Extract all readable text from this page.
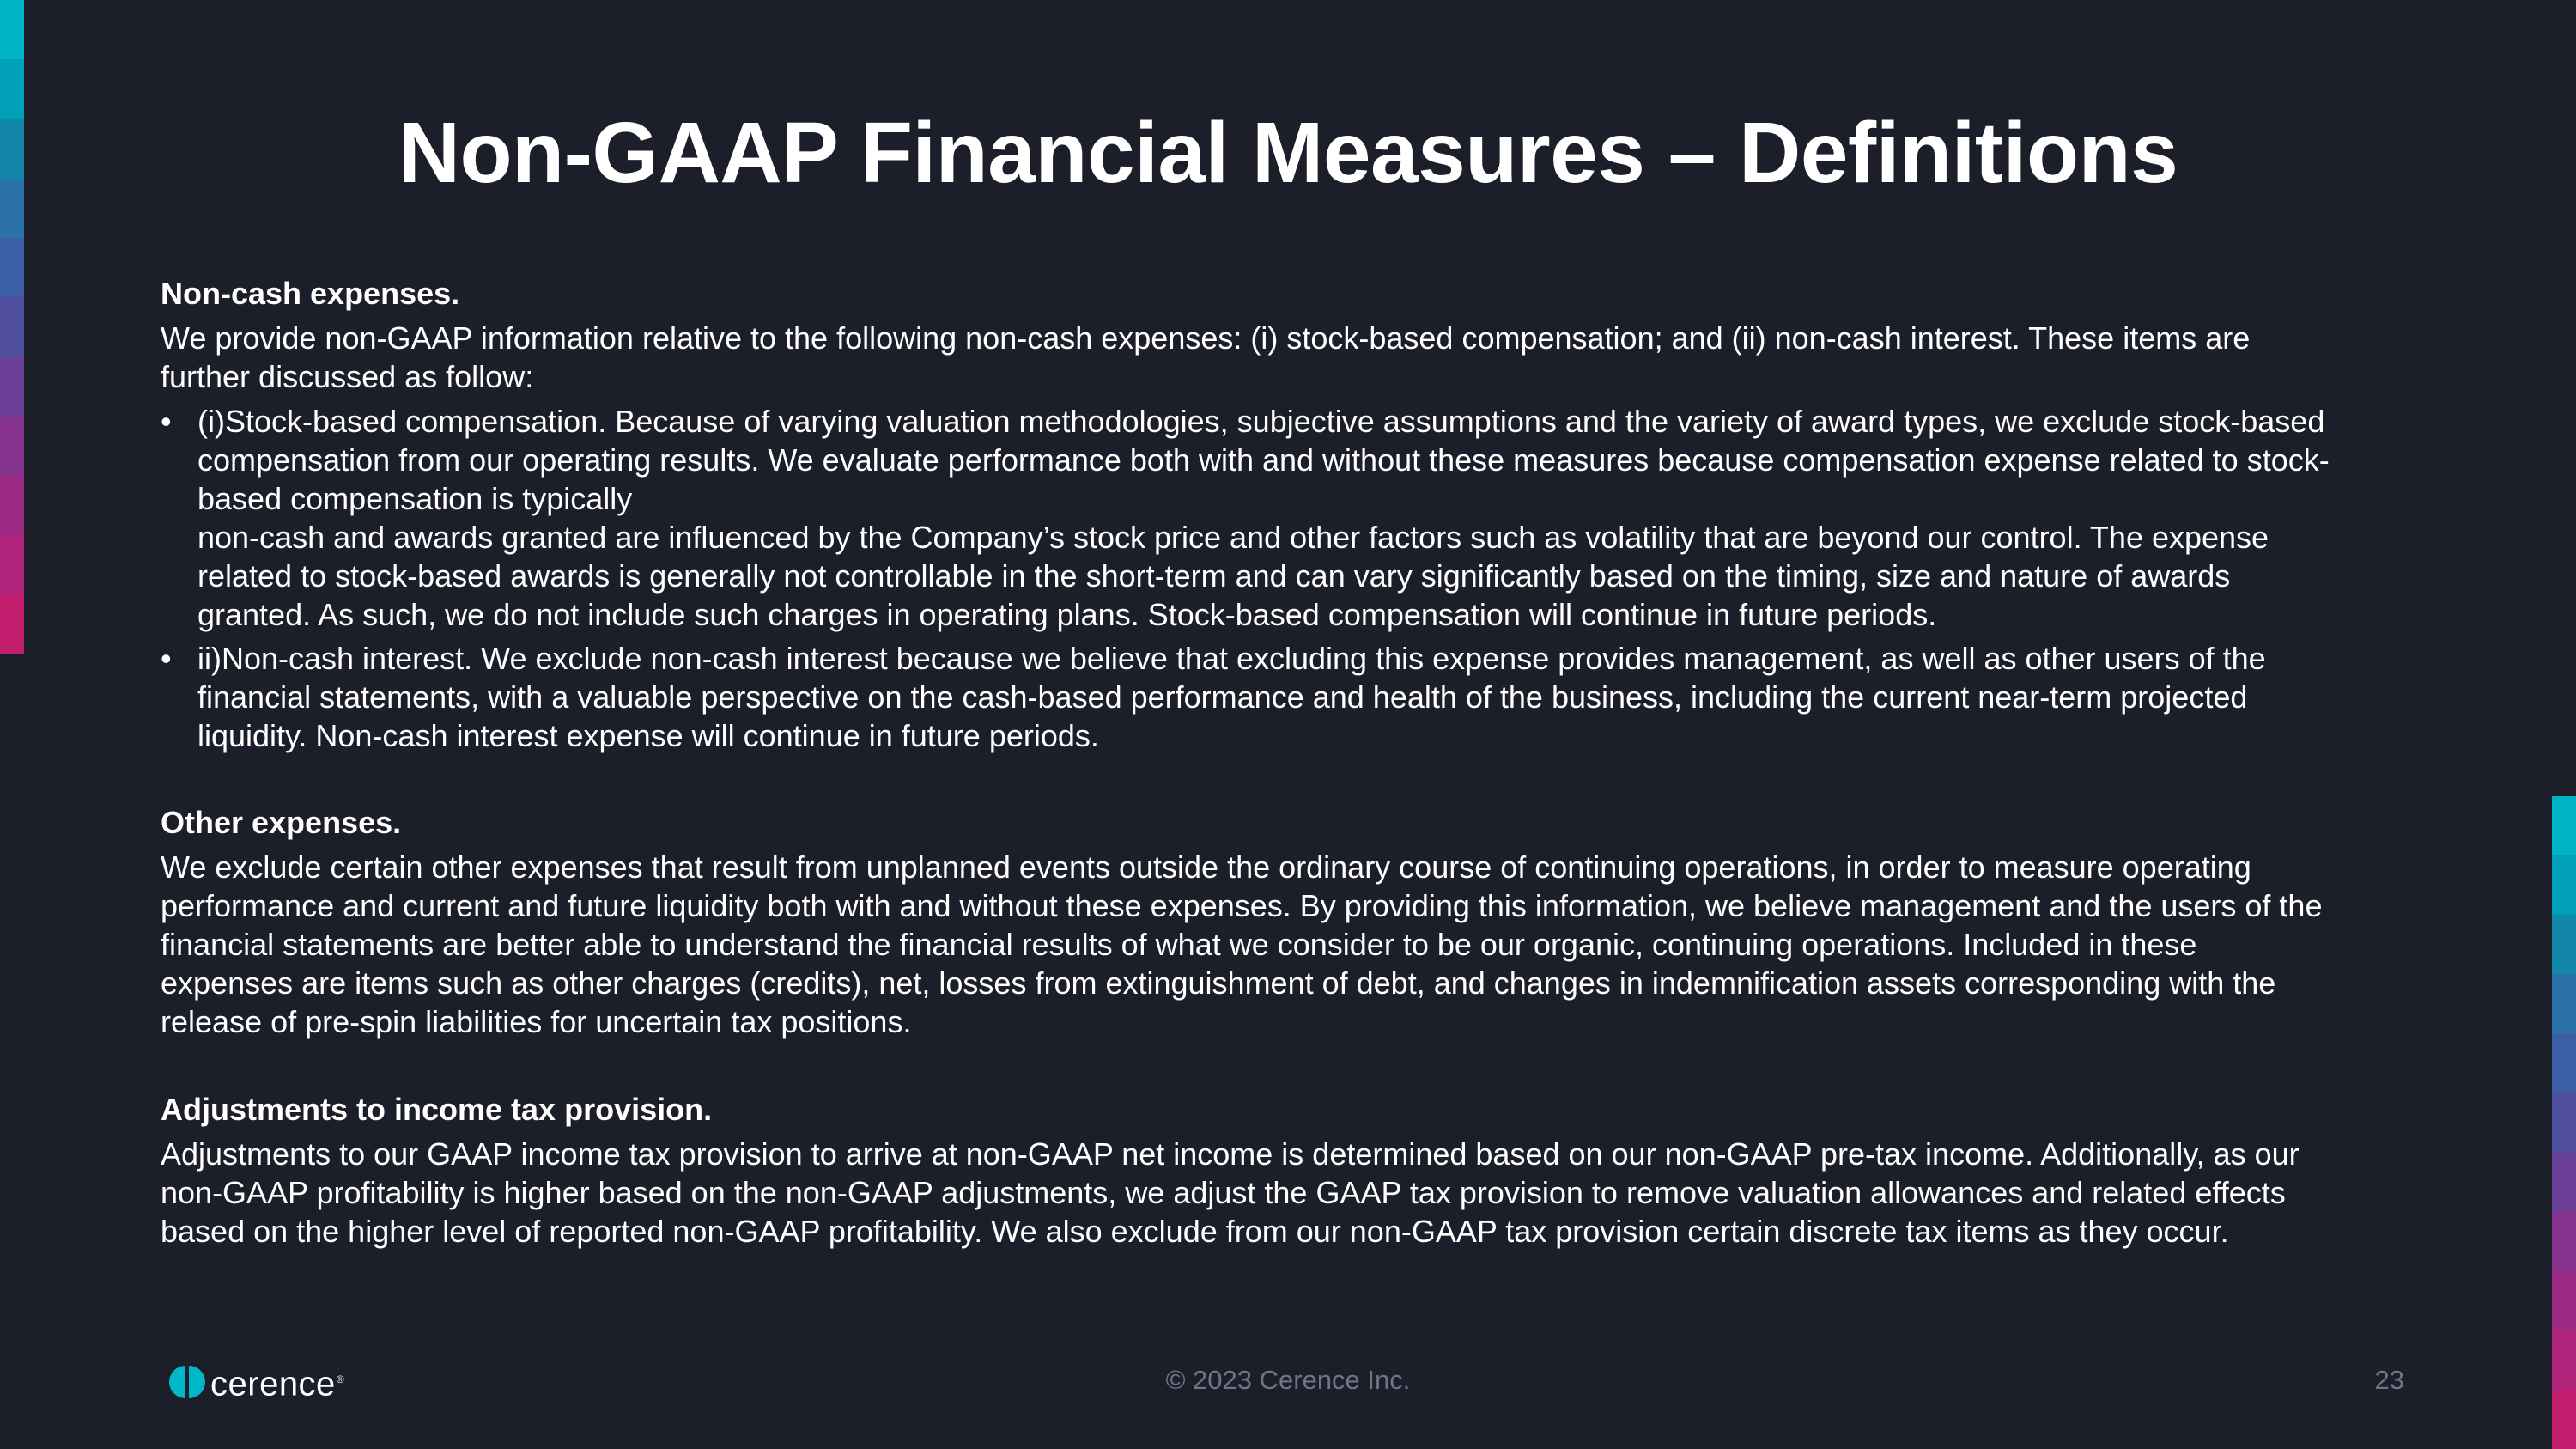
Non-GAAP Financial Measures – Definitions
Non-cash expenses.
We provide non-GAAP information relative to the following non-cash expenses: (i) stock-based compensation; and (ii) non-cash interest. These items are
further discussed as follow:
• (i)Stock-based compensation. Because of varying valuation methodologies, subjective assumptions and the variety of award types, we exclude stock-based
compensation from our operating results. We evaluate performance both with and without these measures because compensation expense related to stock-
based compensation is typically
non-cash and awards granted are influenced by the Company’s stock price and other factors such as volatility that are beyond our control. The expense
related to stock-based awards is generally not controllable in the short-term and can vary significantly based on the timing, size and nature of awards
granted. As such, we do not include such charges in operating plans. Stock-based compensation will continue in future periods.
• ii)Non-cash interest. We exclude non-cash interest because we believe that excluding this expense provides management, as well as other users of the
financial statements, with a valuable perspective on the cash-based performance and health of the business, including the current near-term projected
liquidity. Non-cash interest expense will continue in future periods.
Other expenses.
We exclude certain other expenses that result from unplanned events outside the ordinary course of continuing operations, in order to measure operating
performance and current and future liquidity both with and without these expenses. By providing this information, we believe management and the users of the
financial statements are better able to understand the financial results of what we consider to be our organic, continuing operations. Included in these
expenses are items such as other charges (credits), net, losses from extinguishment of debt, and changes in indemnification assets corresponding with the
release of pre-spin liabilities for uncertain tax positions.
Adjustments to income tax provision.
Adjustments to our GAAP income tax provision to arrive at non-GAAP net income is determined based on our non-GAAP pre-tax income. Additionally, as our
non-GAAP profitability is higher based on the non-GAAP adjustments, we adjust the GAAP tax provision to remove valuation allowances and related effects
based on the higher level of reported non-GAAP profitability. We also exclude from our non-GAAP tax provision certain discrete tax items as they occur.
cerence®	© 2023 Cerence Inc.	23
